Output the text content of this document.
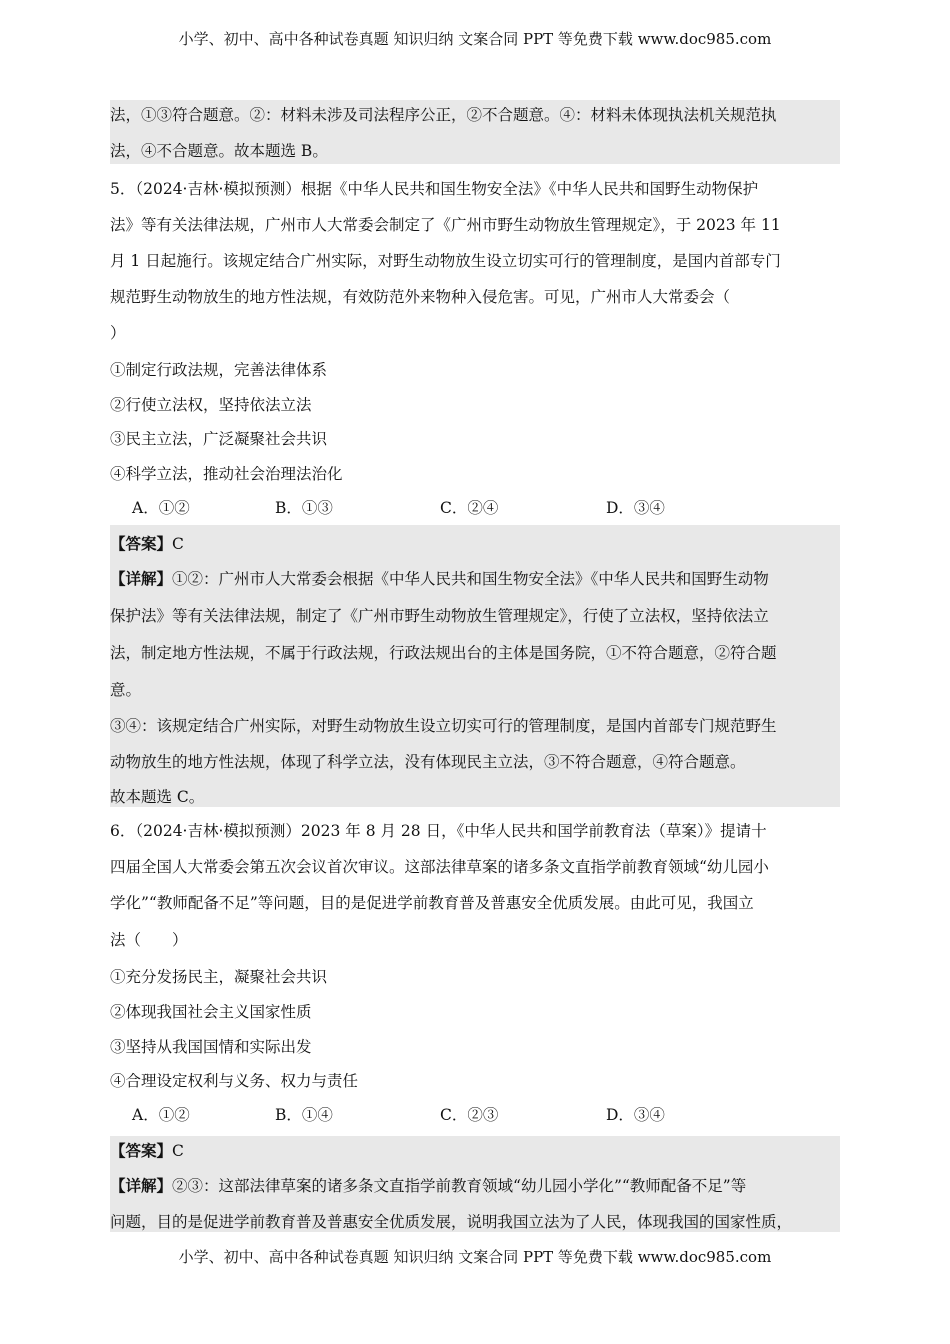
小学、初中、高中各种试卷真题 知识归纳 文案合同 PPT 等免费下载 www.doc985.com
法，①③符合题意。②：材料未涉及司法程序公正，②不合题意。④：材料未体现执法机关规范执
法，④不合题意。故本题选 B。
5．（2024·吉林·模拟预测）根据《中华人民共和国生物安全法》《中华人民共和国野生动物保护
法》等有关法律法规，广州市人大常委会制定了《广州市野生动物放生管理规定》，于 2023 年 11
月 1 日起施行。该规定结合广州实际，对野生动物放生设立切实可行的管理制度，是国内首部专门
规范野生动物放生的地方性法规，有效防范外来物种入侵危害。可见，广州市人大常委会（
）
①制定行政法规，完善法律体系
②行使立法权，坚持依法立法
③民主立法，广泛凝聚社会共识
④科学立法，推动社会治理法治化
A．①②	B．①③	C．②④	D．③④
【答案】C
【详解】①②：广州市人大常委会根据《中华人民共和国生物安全法》《中华人民共和国野生动物
保护法》等有关法律法规，制定了《广州市野生动物放生管理规定》，行使了立法权，坚持依法立
法，制定地方性法规，不属于行政法规，行政法规出台的主体是国务院，①不符合题意，②符合题
意。
③④：该规定结合广州实际，对野生动物放生设立切实可行的管理制度，是国内首部专门规范野生
动物放生的地方性法规，体现了科学立法，没有体现民主立法，③不符合题意，④符合题意。
故本题选 C。
6．（2024·吉林·模拟预测）2023 年 8 月 28 日，《中华人民共和国学前教育法（草案）》提请十
四届全国人大常委会第五次会议首次审议。这部法律草案的诸多条文直指学前教育领域“幼儿园小
学化”“教师配备不足”等问题，目的是促进学前教育普及普惠安全优质发展。由此可见，我国立
法（　　）
①充分发扬民主，凝聚社会共识
②体现我国社会主义国家性质
③坚持从我国国情和实际出发
④合理设定权利与义务、权力与责任
A．①②	B．①④	C．②③	D．③④
【答案】C
【详解】②③：这部法律草案的诸多条文直指学前教育领域“幼儿园小学化”“教师配备不足”等
问题，目的是促进学前教育普及普惠安全优质发展，说明我国立法为了人民，体现我国的国家性质，
小学、初中、高中各种试卷真题 知识归纳 文案合同 PPT 等免费下载 www.doc985.com
